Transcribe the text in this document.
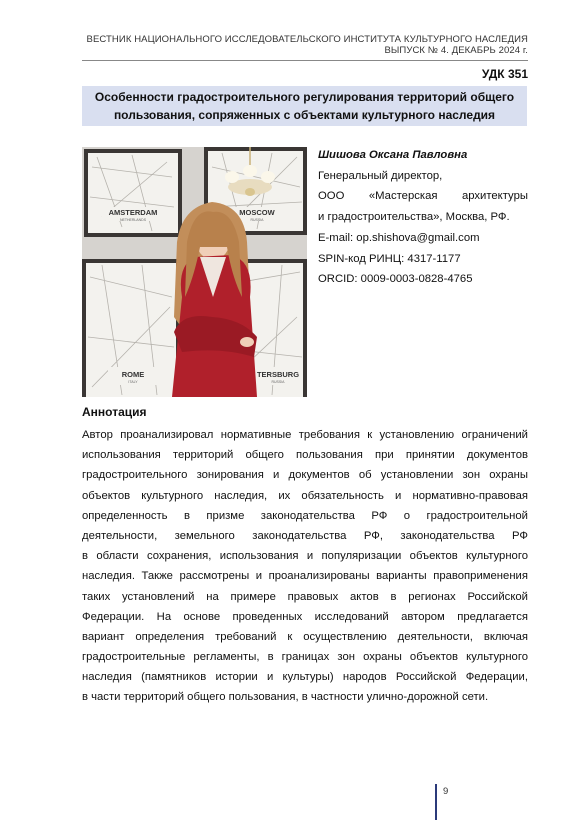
ВЕСТНИК НАЦИОНАЛЬНОГО ИССЛЕДОВАТЕЛЬСКОГО ИНСТИТУТА КУЛЬТУРНОГО НАСЛЕДИЯ
ВЫПУСК № 4. ДЕКАБРЬ 2024 г.
УДК 351
Особенности градостроительного регулирования территорий общего
пользования, сопряженных с объектами культурного наследия
AMSTERDAM
NETHERLANDS
MOSCOW
RUSSIA
ROME
ITALY
TERSBURG
RUSSIA
Шишова Оксана Павловна
Генеральный директор,
ООО «Мастерская архитектуры
и градостроительства», Москва, РФ.
E-mail: op.shishova@gmail.com
SPIN-код РИНЦ: 4317-1177
ORCID: 0009-0003-0828-4765
Аннотация
Автор проанализировал нормативные требования к установлению ограничений
использования территорий общего пользования при принятии документов
градостроительного зонирования и документов об установлении зон охраны
объектов культурного наследия, их обязательность и нормативно-правовая
определенность в призме законодательства РФ о градостроительной
деятельности, земельного законодательства РФ, законодательства РФ
в области сохранения, использования и популяризации объектов культурного
наследия. Также рассмотрены и проанализированы варианты правоприменения
таких установлений на примере правовых актов в регионах Российской
Федерации. На основе проведенных исследований автором предлагается
вариант определения требований к осуществлению деятельности, включая
градостроительные регламенты, в границах зон охраны объектов культурного
наследия (памятников истории и культуры) народов Российской Федерации,
в части территорий общего пользования, в частности улично-дорожной сети.
9
